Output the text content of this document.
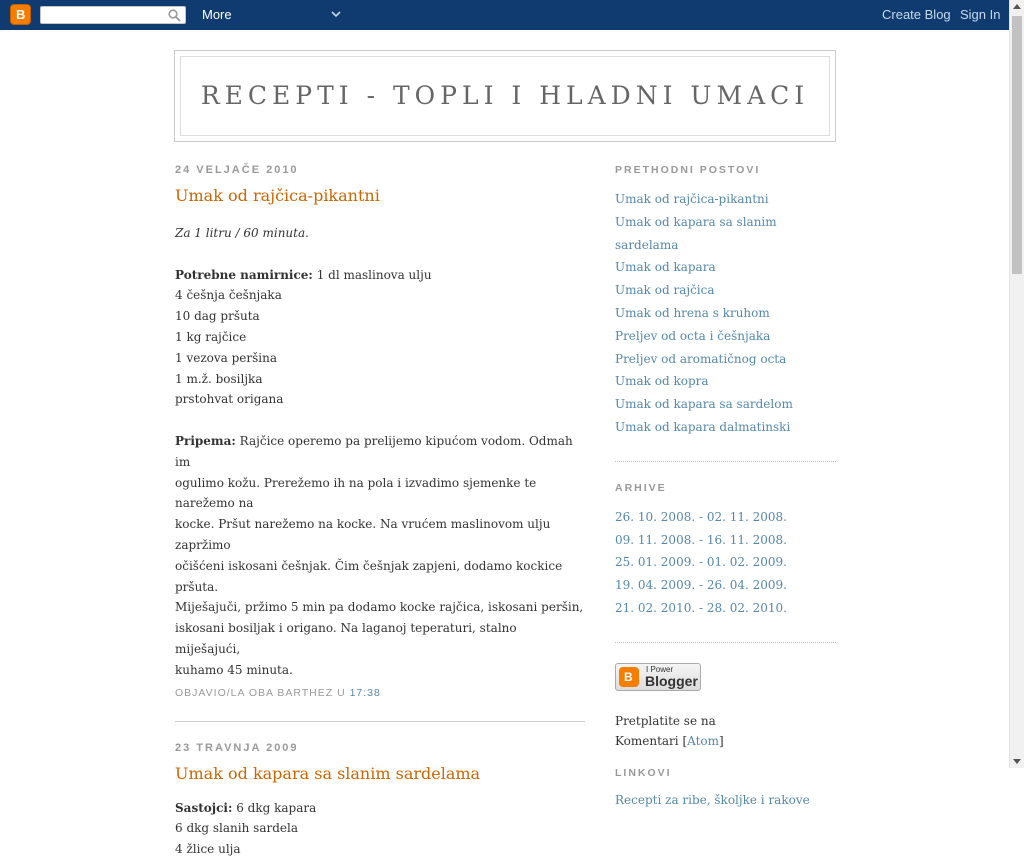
B	More	Create Blog Sign In
RECEPTI - TOPLI I HLADNI UMACI
24 VELJAČE 2010
Umak od rajčica-pikantni

Za 1 litru / 60 minuta.

Potrebne namirnice: 1 dl maslinova ulju

4 češnja češnjaka

10 dag pršuta

1 kg rajčice

1 vezova peršina

1 m.ž. bosiljka

prstohvat origana

Pripema: Rajčice operemo pa prelijemo kipućom vodom. Odmah im

ogulimo kožu. Prerežemo ih na pola i izvadimo sjemenke te narežemo na

kocke. Pršut narežemo na kocke. Na vrućem maslinovom ulju zapržimo

očišćeni iskosani češnjak. Čim češnjak zapjeni, dodamo kockice pršuta.

Miješajuči, pržimo 5 min pa dodamo kocke rajčica, iskosani peršin,

iskosani bosiljak i origano. Na laganoj teperaturi, stalno miješajući,

kuhamo 45 minuta.

OBJAVIO/LA OBA BARTHEZ U 17:38
23 TRAVNJA 2009
Umak od kapara sa slanim sardelama

Sastojci: 6 dkg kapara

6 dkg slanih sardela

4 žlice ulja

PRETHODNI POSTOVI
Umak od rajčica-pikantni
Umak od kapara sa slanim sardelama
Umak od kapara
Umak od rajčica
Umak od hrena s kruhom
Preljev od octa i češnjaka
Preljev od aromatičnog octa
Umak od kopra
Umak od kapara sa sardelom
Umak od kapara dalmatinski
ARHIVE
26. 10. 2008. - 02. 11. 2008.
09. 11. 2008. - 16. 11. 2008.
25. 01. 2009. - 01. 02. 2009.
19. 04. 2009. - 26. 04. 2009.
21. 02. 2010. - 28. 02. 2010.
B
I Power
Blogger
Pretplatite se na
Komentari [Atom]
LINKOVI
Recepti za ribe, školjke i rakove
